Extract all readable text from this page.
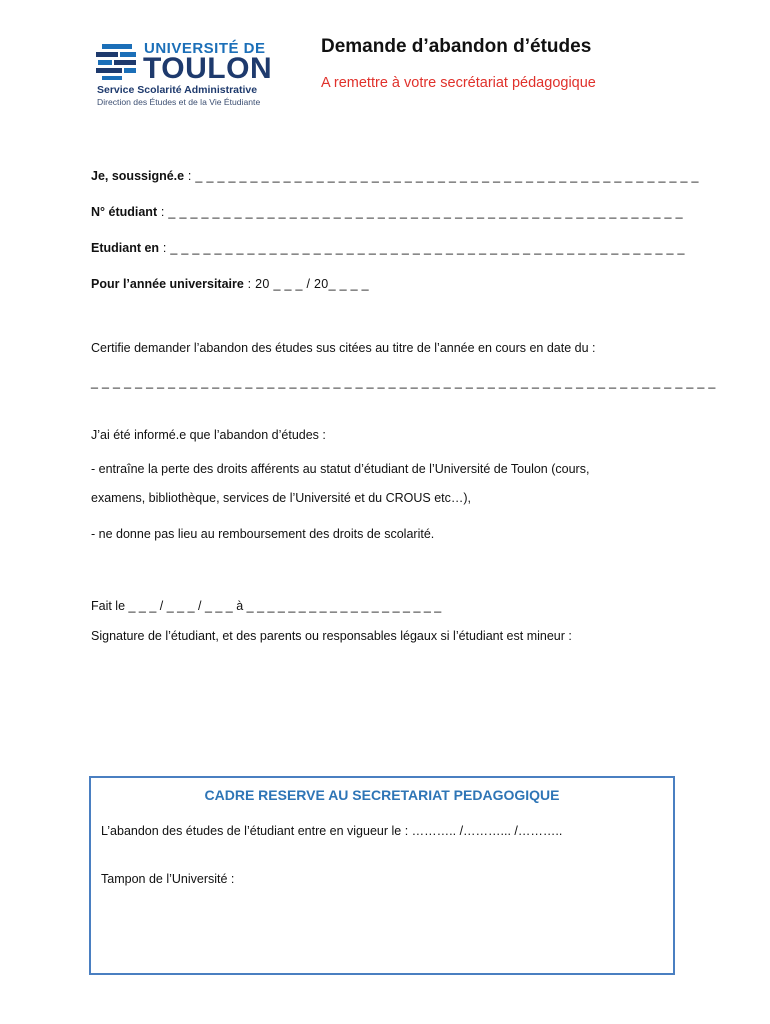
UNIVERSITÉ DE
TOULON
Service Scolarité Administrative
Direction des Études et de la Vie Étudiante
Demande d’abandon d’études
A remettre à votre secrétariat pédagogique
Je, soussigné.e : _ _ _ _ _ _ _ _ _ _ _ _ _ _ _ _ _ _ _ _ _ _ _ _ _ _ _ _ _ _ _ _ _ _ _ _ _ _ _ _ _ _ _ _ _ _
N° étudiant : _ _ _ _ _ _ _ _ _ _ _ _ _ _ _ _ _ _ _ _ _ _ _ _ _ _ _ _ _ _ _ _ _ _ _ _ _ _ _ _ _ _ _ _ _ _ _
Etudiant en : _ _ _ _ _ _ _ _ _ _ _ _ _ _ _ _ _ _ _ _ _ _ _ _ _ _ _ _ _ _ _ _ _ _ _ _ _ _ _ _ _ _ _ _ _ _ _
Pour l’année universitaire : 20 _ _ _ / 20_ _ _ _
Certifie demander l’abandon des études sus citées au titre de l’année en cours en date du :
_ _ _ _ _ _ _ _ _ _ _ _ _ _ _ _ _ _ _ _ _ _ _ _ _ _ _ _ _ _ _ _ _ _ _ _ _ _ _ _ _ _ _ _ _ _ _ _ _ _ _ _ _ _ _ _ _
J’ai été informé.e que l’abandon d’études :
- entraîne la perte des droits afférents au statut d’étudiant de l’Université de Toulon (cours,
examens, bibliothèque, services de l’Université et du CROUS etc…),
- ne donne pas lieu au remboursement des droits de scolarité.
Fait le _ _ _ / _ _ _ / _ _ _ à _ _ _ _ _ _ _ _ _ _ _ _ _ _ _ _ _ _ _
Signature de l’étudiant, et des parents ou responsables légaux si l’étudiant est mineur :
CADRE RESERVE AU SECRETARIAT PEDAGOGIQUE
L’abandon des études de l’étudiant entre en vigueur le : ……….. /………... /………..
Tampon de l’Université :
